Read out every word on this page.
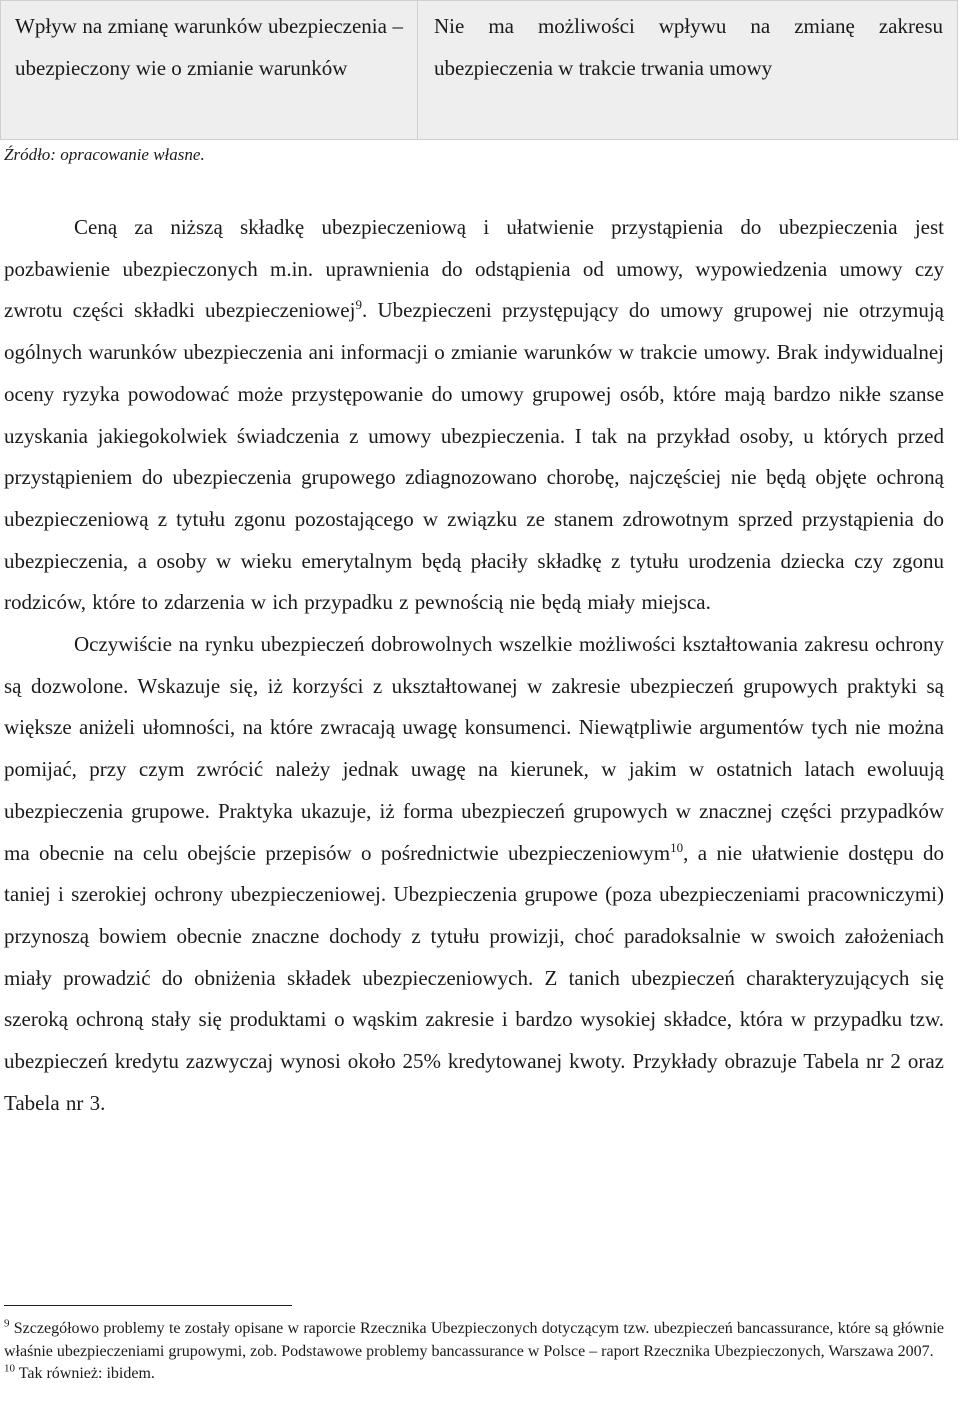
Wpływ na zmianę warunków ubezpieczenia – ubezpieczony wie o zmianie warunków	Nie ma możliwości wpływu na zmianę zakresu ubezpieczenia w trakcie trwania umowy
Źródło: opracowanie własne.

Ceną za niższą składkę ubezpieczeniową i ułatwienie przystąpienia do ubezpieczenia jest pozbawienie ubezpieczonych m.in. uprawnienia do odstąpienia od umowy, wypowiedzenia umowy czy zwrotu części składki ubezpieczeniowej$^9$. Ubezpieczeni przystępujący do umowy grupowej nie otrzymują ogólnych warunków ubezpieczenia ani informacji o zmianie warunków w trakcie umowy. Brak indywidualnej oceny ryzyka powodować może przystępowanie do umowy grupowej osób, które mają bardzo nikłe szanse uzyskania jakiegokolwiek świadczenia z umowy ubezpieczenia. I tak na przykład osoby, u których przed przystąpieniem do ubezpieczenia grupowego zdiagnozowano chorobę, najczęściej nie będą objęte ochroną ubezpieczeniową z tytułu zgonu pozostającego w związku ze stanem zdrowotnym sprzed przystąpienia do ubezpieczenia, a osoby w wieku emerytalnym będą płaciły składkę z tytułu urodzenia dziecka czy zgonu rodziców, które to zdarzenia w ich przypadku z pewnością nie będą miały miejsca.

Oczywiście na rynku ubezpieczeń dobrowolnych wszelkie możliwości kształtowania zakresu ochrony są dozwolone. Wskazuje się, iż korzyści z ukształtowanej w zakresie ubezpieczeń grupowych praktyki są większe aniżeli ułomności, na które zwracają uwagę konsumenci. Niewątpliwie argumentów tych nie można pomijać, przy czym zwrócić należy jednak uwagę na kierunek, w jakim w ostatnich latach ewoluują ubezpieczenia grupowe. Praktyka ukazuje, iż forma ubezpieczeń grupowych w znacznej części przypadków ma obecnie na celu obejście przepisów o pośrednictwie ubezpieczeniowym$^{10}$, a nie ułatwienie dostępu do taniej i szerokiej ochrony ubezpieczeniowej. Ubezpieczenia grupowe (poza ubezpieczeniami pracowniczymi) przynoszą bowiem obecnie znaczne dochody z tytułu prowizji, choć paradoksalnie w swoich założeniach miały prowadzić do obniżenia składek ubezpieczeniowych. Z tanich ubezpieczeń charakteryzujących się szeroką ochroną stały się produktami o wąskim zakresie i bardzo wysokiej składce, która w przypadku tzw. ubezpieczeń kredytu zazwyczaj wynosi około 25% kredytowanej kwoty. Przykłady obrazuje Tabela nr 2 oraz Tabela nr 3.

$^9$ Szczegółowo problemy te zostały opisane w raporcie Rzecznika Ubezpieczonych dotyczącym tzw. ubezpieczeń bancassurance, które są głównie właśnie ubezpieczeniami grupowymi, zob. Podstawowe problemy bancassurance w Polsce – raport Rzecznika Ubezpieczonych, Warszawa 2007.

$^{10}$ Tak również: ibidem.
